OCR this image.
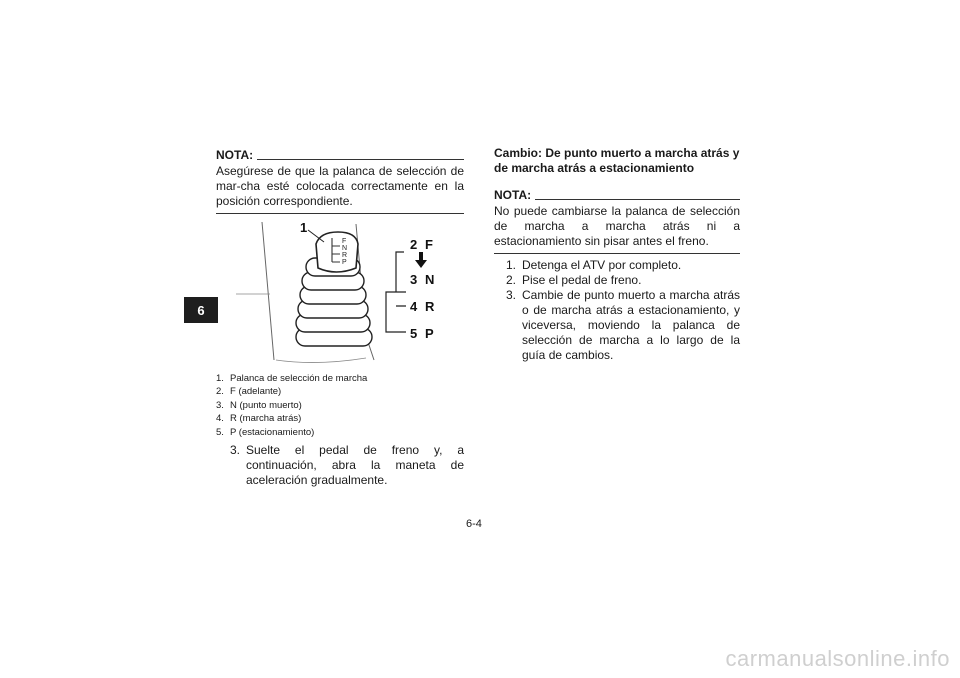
6
NOTA:

Asegúrese de que la palanca de selección de mar-cha esté colocada correctamente en la posición correspondiente.

1
2 F
3 N
4 R
5 P
F
N
R
P
1. Palanca de selección de marcha
2. F (adelante)
3. N (punto muerto)
4. R (marcha atrás)
5. P (estacionamiento)
3. Suelte el pedal de freno y, a continuación, abra la maneta de aceleración gradualmente.

Cambio: De punto muerto a marcha atrás y de marcha atrás a estacionamiento

NOTA:

No puede cambiarse la palanca de selección de marcha a marcha atrás ni a estacionamiento sin pisar antes el freno.

1. Detenga el ATV por completo.
2. Pise el pedal de freno.
3. Cambie de punto muerto a marcha atrás o de marcha atrás a estacionamiento, y viceversa, moviendo la palanca de selección de marcha a lo largo de la guía de cambios.
6-4
carmanualsonline.info
